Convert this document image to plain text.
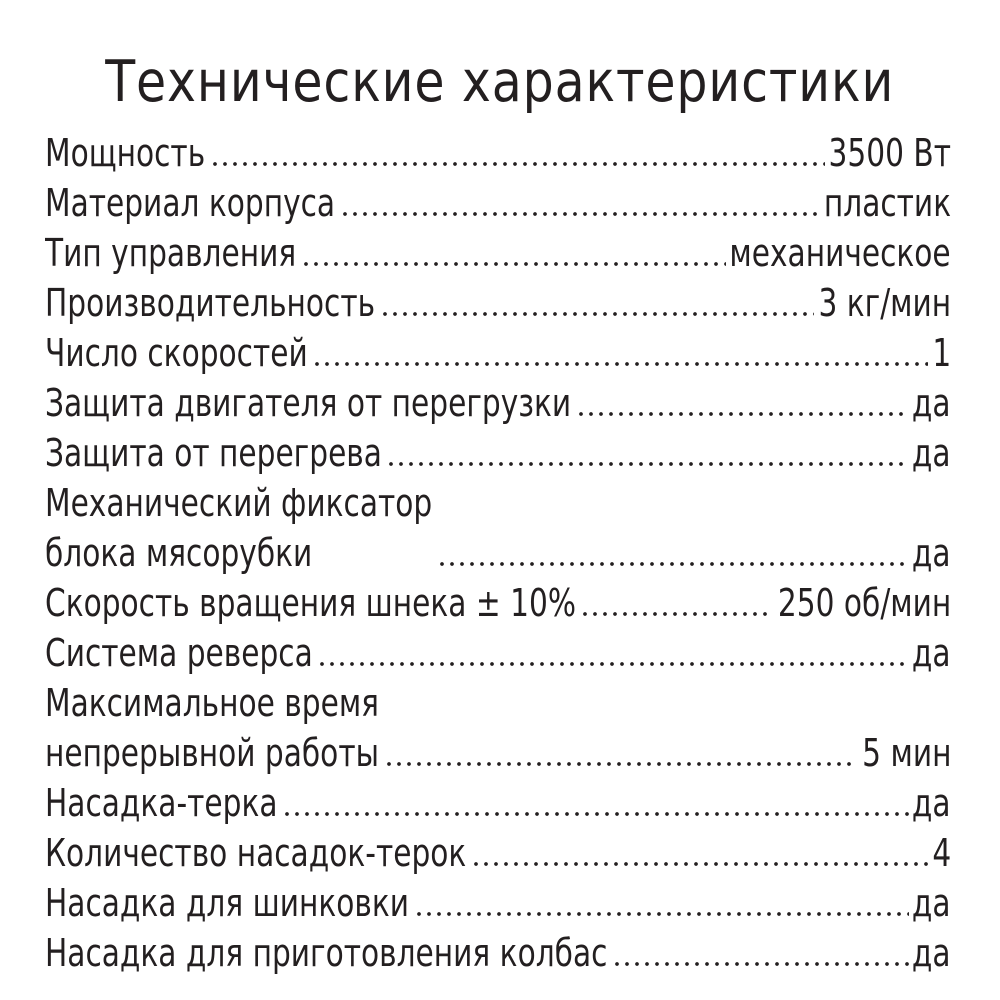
Технические характеристики
Мощность	3500 Вт
Материал корпуса	пластик
Тип управления	механическое
Производительность	3 кг/мин
Число скоростей	1
Защита двигателя от перегрузки	да
Защита от перегрева	да
Механический фиксатор
блока мясорубки	да
Скорость вращения шнека ± 10%	250 об/мин
Система реверса	да
Максимальное время
непрерывной работы	5 мин
Насадка-терка	да
Количество насадок-терок	4
Насадка для шинковки	да
Насадка для приготовления колбас	да
